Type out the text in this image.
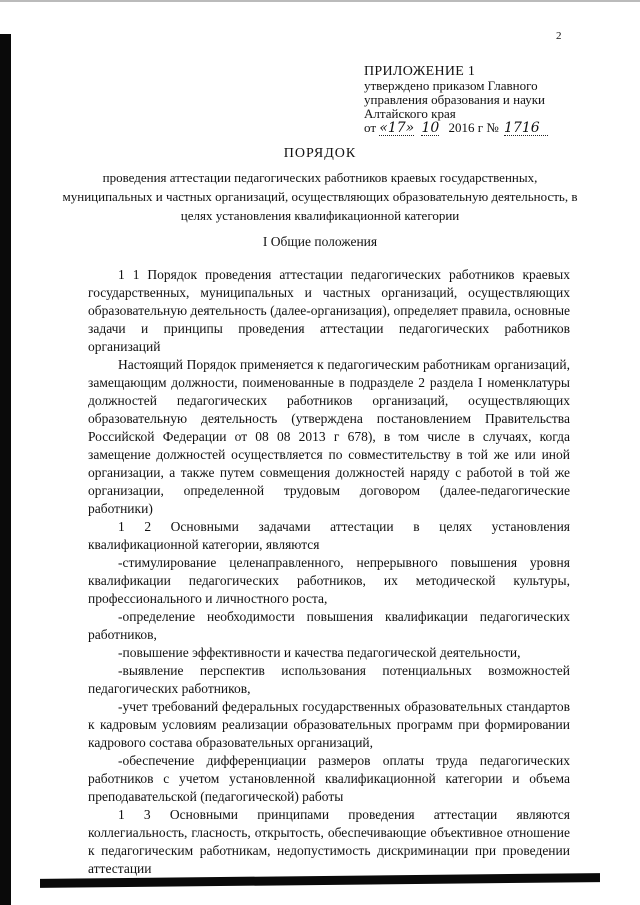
2
ПРИЛОЖЕНИЕ 1
утверждено приказом Главного
управления образования и науки
Алтайского края
от «17» 10 2016 г № 1716
ПОРЯДОК
проведения аттестации педагогических работников краевых государственных, муниципальных и частных организаций, осуществляющих образовательную деятельность, в целях установления квалификационной категории
I Общие положения

1 1 Порядок проведения аттестации педагогических работников краевых государственных, муниципальных и частных организаций, осуществляющих образовательную деятельность (далее-организация), определяет правила, основные задачи и принципы проведения аттестации педагогических работников организаций

Настоящий Порядок применяется к педагогическим работникам организаций, замещающим должности, поименованные в подразделе 2 раздела I номенклатуры должностей педагогических работников организаций, осуществляющих образовательную деятельность (утверждена постановлением Правительства Российской Федерации от 08 08 2013 г 678), в том числе в случаях, когда замещение должностей осуществляется по совместительству в той же или иной организации, а также путем совмещения должностей наряду с работой в той же организации, определенной трудовым договором (далее-педагогические работники)

1 2 Основными задачами аттестации в целях установления квалификационной категории, являются

-стимулирование целенаправленного, непрерывного повышения уровня квалификации педагогических работников, их методической культуры, профессионального и личностного роста,

-определение необходимости повышения квалификации педагогических работников,

-повышение эффективности и качества педагогической деятельности,

-выявление перспектив использования потенциальных возможностей педагогических работников,

-учет требований федеральных государственных образовательных стандартов к кадровым условиям реализации образовательных программ при формировании кадрового состава образовательных организаций,

-обеспечение дифференциации размеров оплаты труда педагогических работников с учетом установленной квалификационной категории и объема преподавательской (педагогической) работы

1 3 Основными принципами проведения аттестации являются коллегиальность, гласность, открытость, обеспечивающие объективное отношение к педагогическим работникам, недопустимость дискриминации при проведении аттестации
